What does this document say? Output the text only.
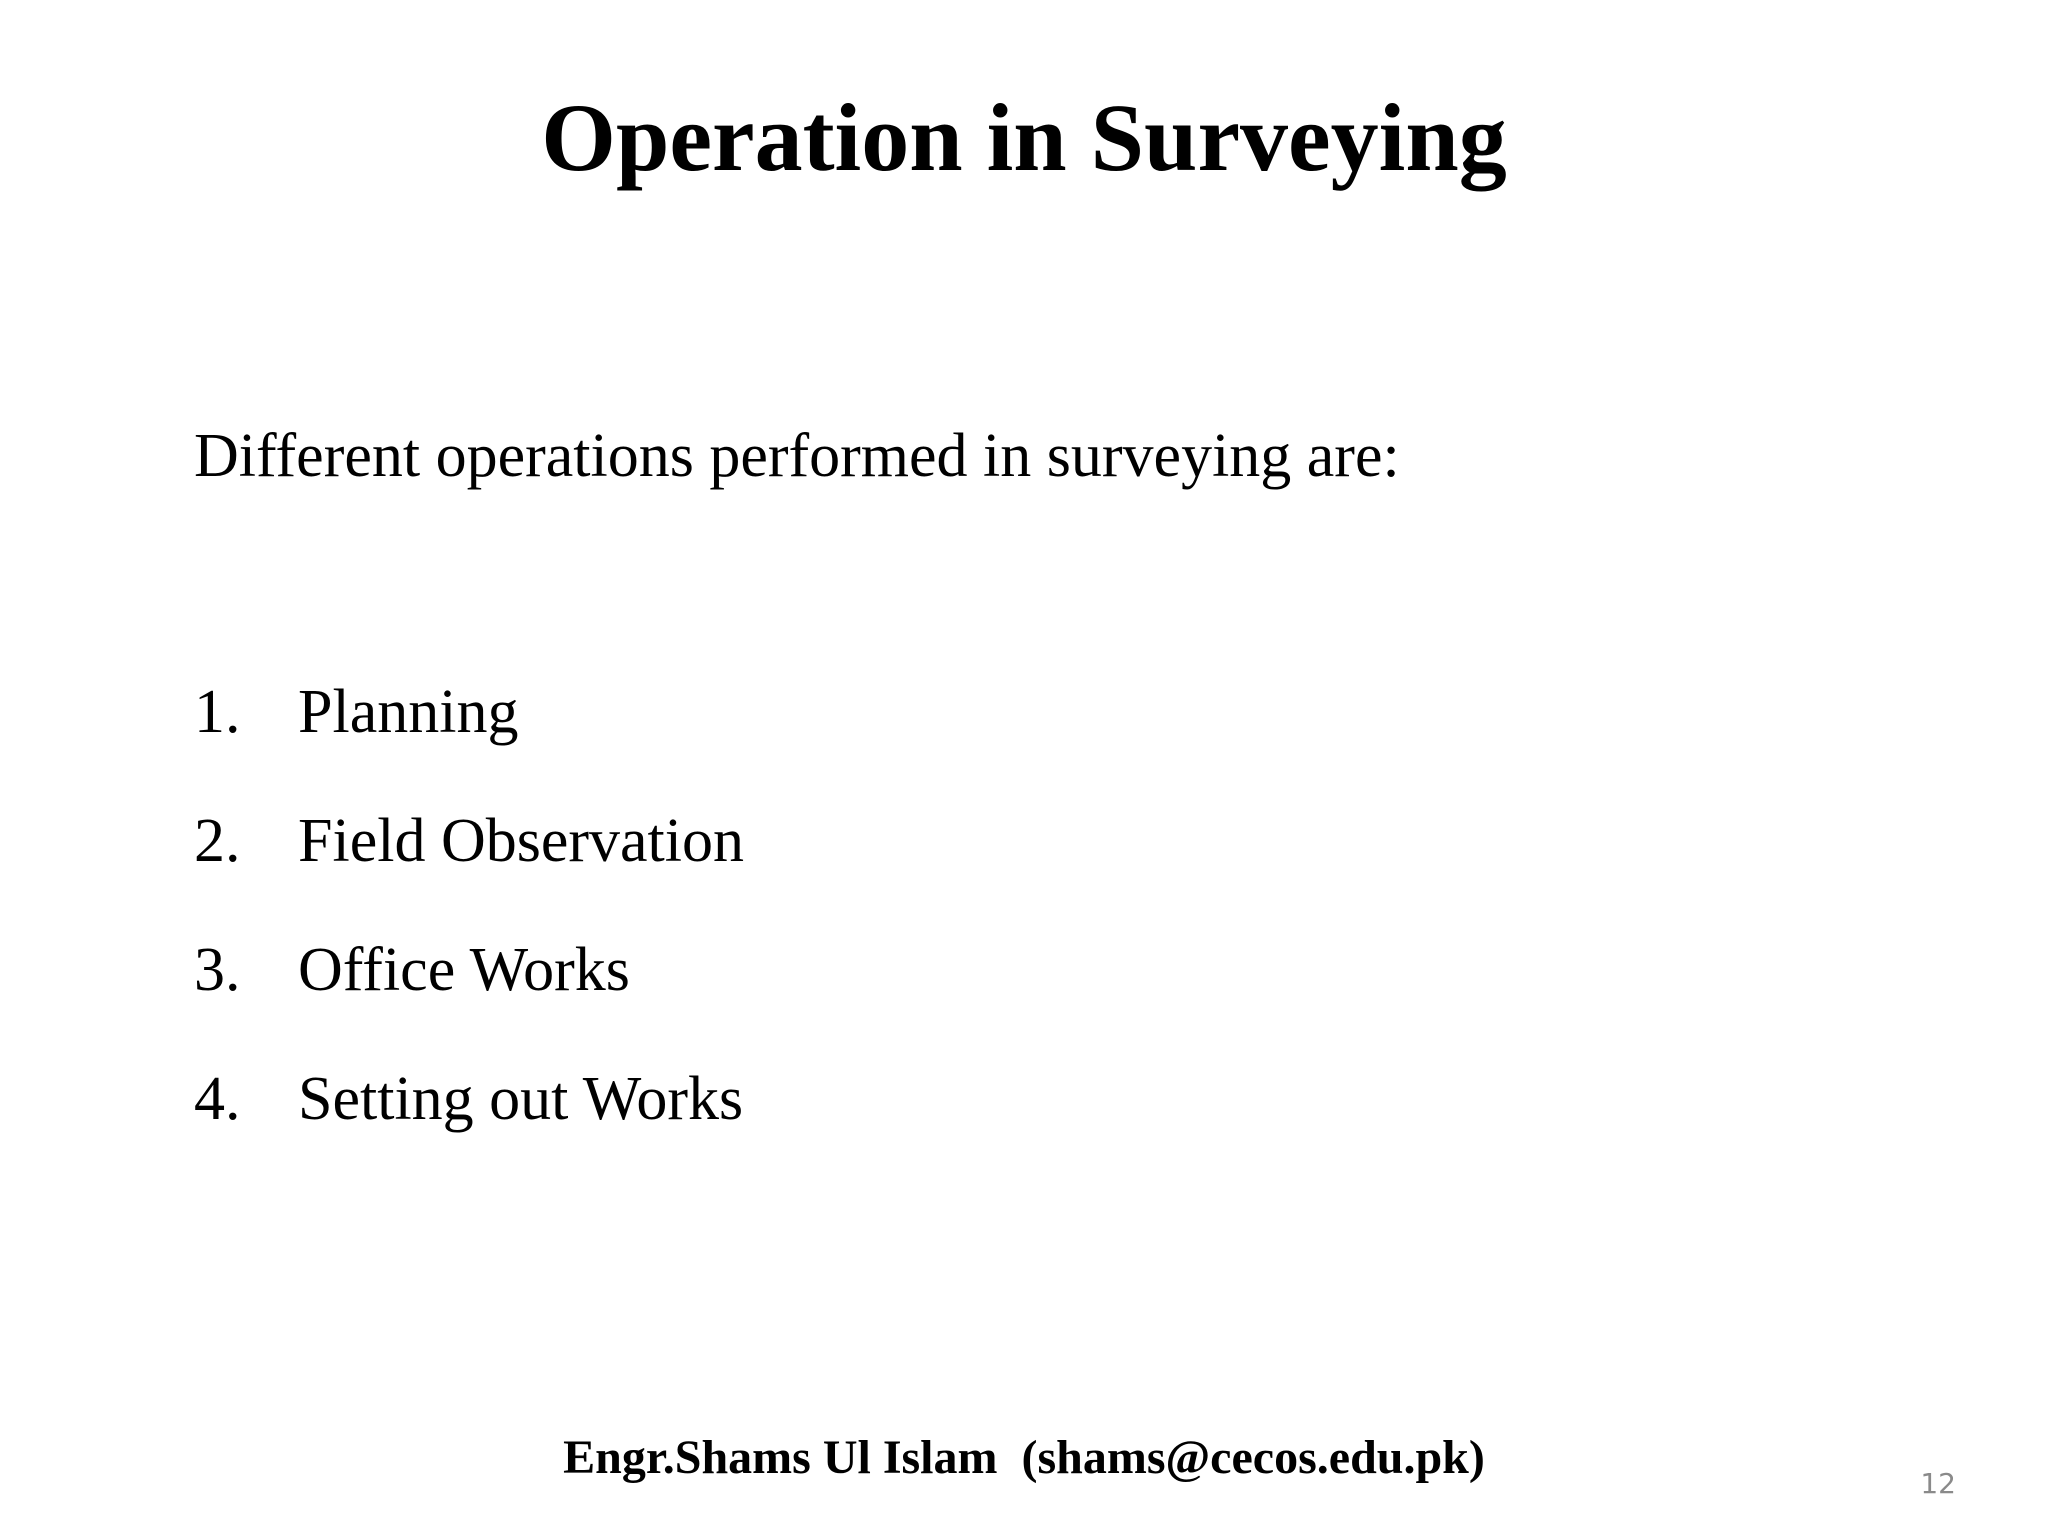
Operation in Surveying
Different operations performed in surveying are:
1. Planning
2. Field Observation
3. Office Works
4. Setting out Works
Engr.Shams Ul Islam  (shams@cecos.edu.pk)	12
